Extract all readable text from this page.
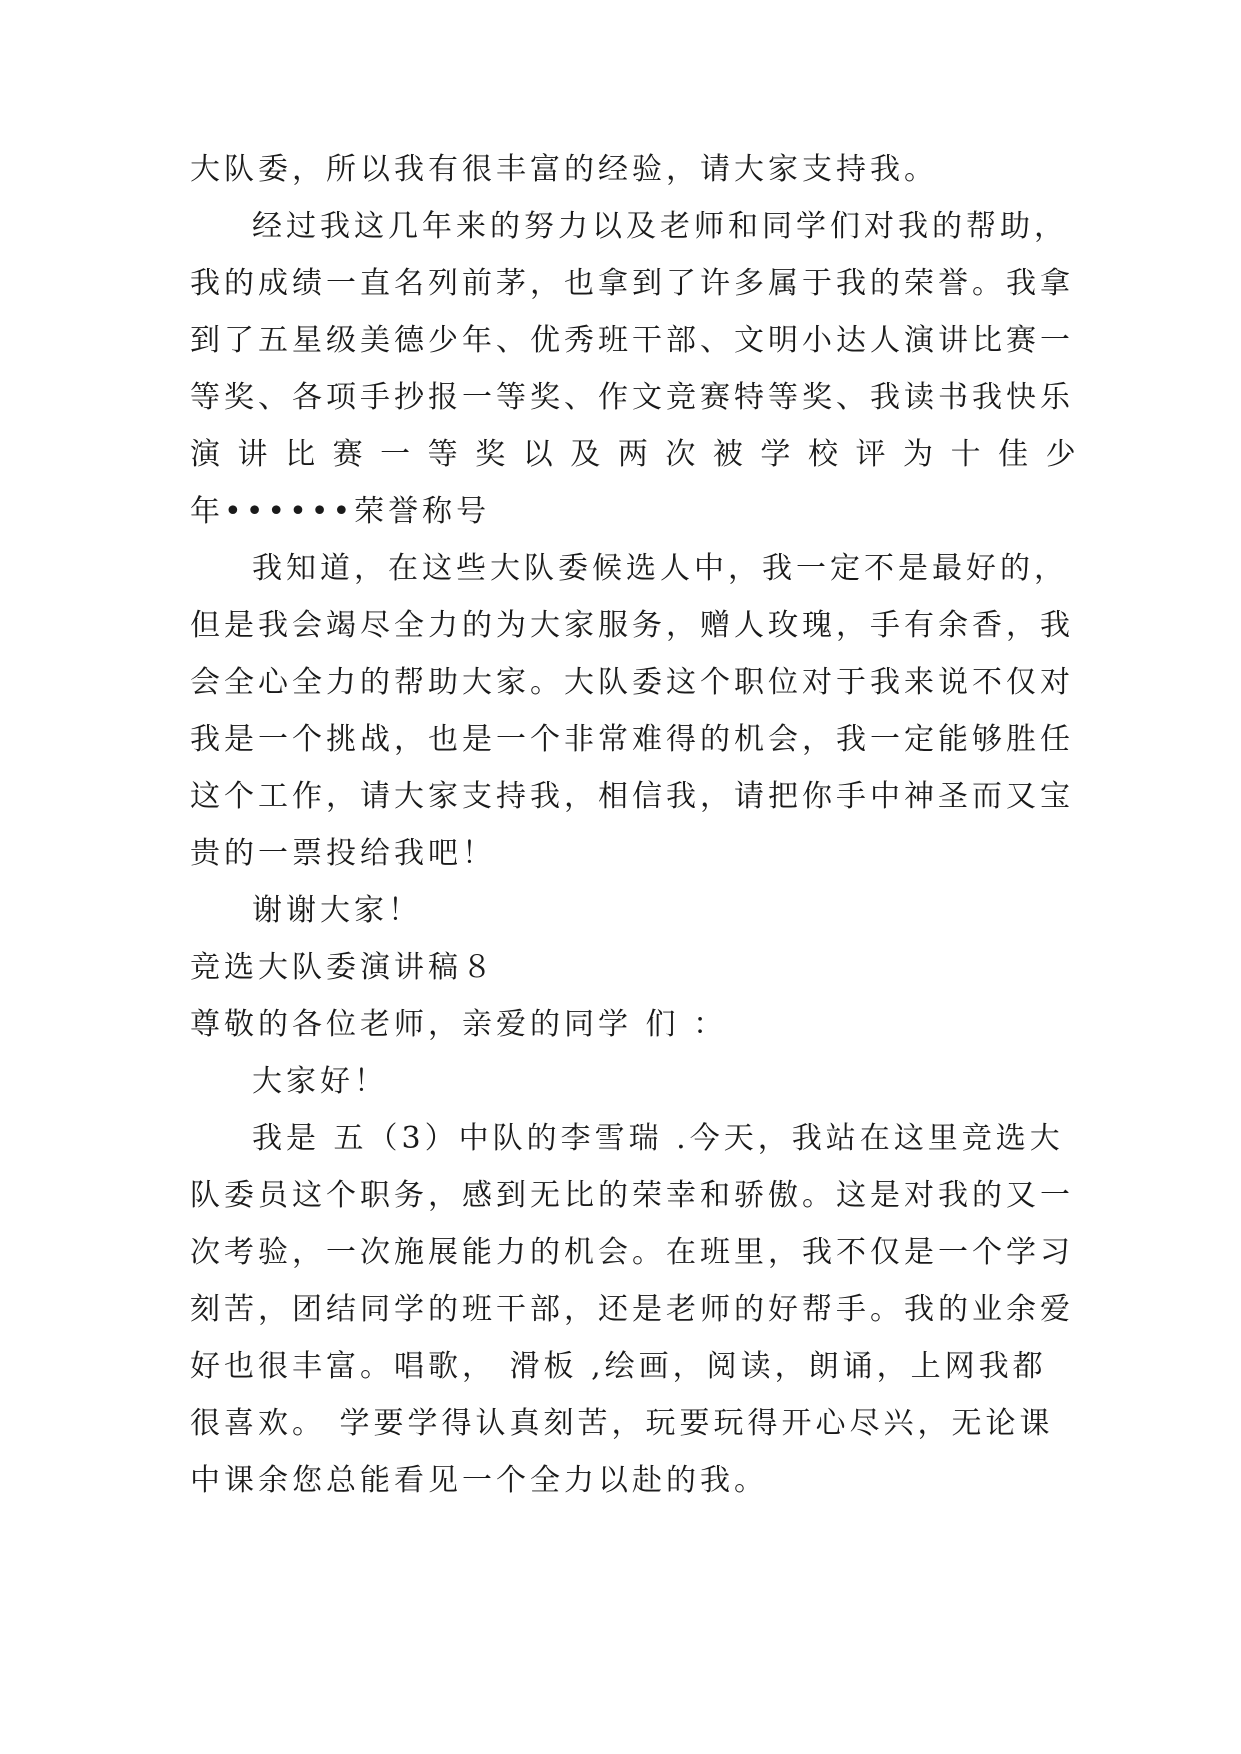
大队委，所以我有很丰富的经验，请大家支持我。
经过我这几年来的努力以及老师和同学们对我的帮助，
我的成绩一直名列前茅，也拿到了许多属于我的荣誉。我拿
到了五星级美德少年、优秀班干部、文明小达人演讲比赛一
等奖、各项手抄报一等奖、作文竞赛特等奖、我读书我快乐
演 讲 比 赛 一 等 奖 以 及 两 次 被 学 校 评 为 十 佳 少
年••••••荣誉称号
我知道，在这些大队委候选人中，我一定不是最好的，
但是我会竭尽全力的为大家服务，赠人玫瑰，手有余香，我
会全心全力的帮助大家。大队委这个职位对于我来说不仅对
我是一个挑战，也是一个非常难得的机会，我一定能够胜任
这个工作，请大家支持我，相信我，请把你手中神圣而又宝
贵的一票投给我吧！
谢谢大家！
竞选大队委演讲稿８
尊敬的各位老师，亲爱的同学 们 ：
大家好！
我是 五（3）中队的李雪瑞 .今天，我站在这里竞选大
队委员这个职务，感到无比的荣幸和骄傲。这是对我的又一
次考验，一次施展能力的机会。在班里，我不仅是一个学习
刻苦，团结同学的班干部，还是老师的好帮手。我的业余爱
好也很丰富。唱歌， 滑板 ,绘画，阅读，朗诵，上网我都
很喜欢。 学要学得认真刻苦，玩要玩得开心尽兴，无论课
中课余您总能看见一个全力以赴的我。
